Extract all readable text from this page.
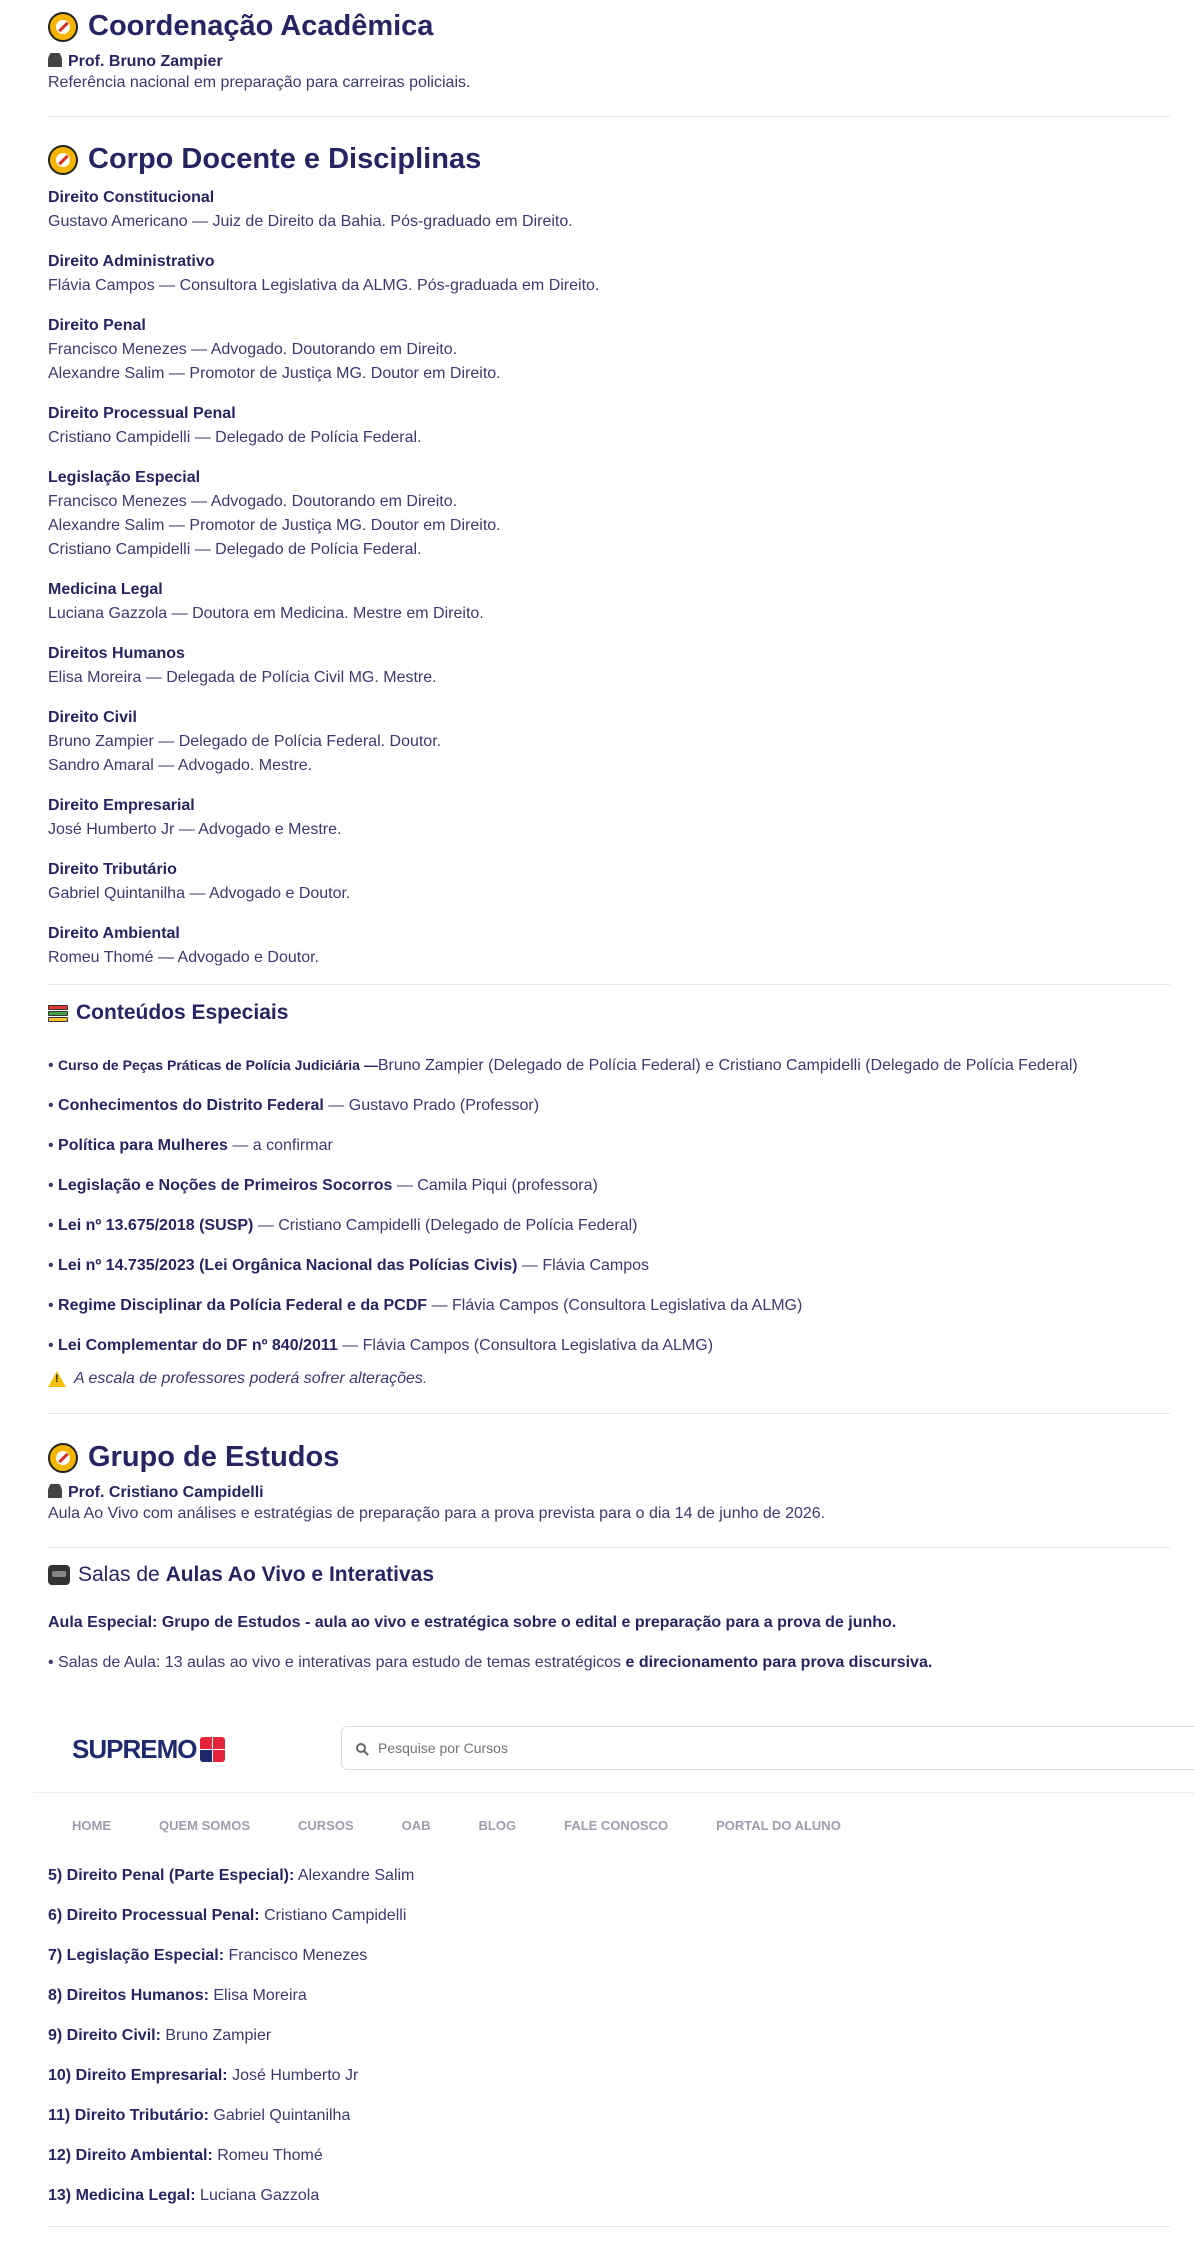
Coordenação Acadêmica
Prof. Bruno Zampier
Referência nacional em preparação para carreiras policiais.
Corpo Docente e Disciplinas
Direito Constitucional
Gustavo Americano — Juiz de Direito da Bahia. Pós-graduado em Direito.
Direito Administrativo
Flávia Campos — Consultora Legislativa da ALMG. Pós-graduada em Direito.
Direito Penal
Francisco Menezes — Advogado. Doutorando em Direito.
Alexandre Salim — Promotor de Justiça MG. Doutor em Direito.
Direito Processual Penal
Cristiano Campidelli — Delegado de Polícia Federal.
Legislação Especial
Francisco Menezes — Advogado. Doutorando em Direito.
Alexandre Salim — Promotor de Justiça MG. Doutor em Direito.
Cristiano Campidelli — Delegado de Polícia Federal.
Medicina Legal
Luciana Gazzola — Doutora em Medicina. Mestre em Direito.
Direitos Humanos
Elisa Moreira — Delegada de Polícia Civil MG. Mestre.
Direito Civil
Bruno Zampier — Delegado de Polícia Federal. Doutor.
Sandro Amaral — Advogado. Mestre.
Direito Empresarial
José Humberto Jr — Advogado e Mestre.
Direito Tributário
Gabriel Quintanilha — Advogado e Doutor.
Direito Ambiental
Romeu Thomé — Advogado e Doutor.
Conteúdos Especiais
• Curso de Peças Práticas de Polícia Judiciária —Bruno Zampier (Delegado de Polícia Federal) e Cristiano Campidelli (Delegado de Polícia Federal)
• Conhecimentos do Distrito Federal — Gustavo Prado (Professor)
• Política para Mulheres — a confirmar
• Legislação e Noções de Primeiros Socorros — Camila Piqui (professora)
• Lei nº 13.675/2018 (SUSP) — Cristiano Campidelli (Delegado de Polícia Federal)
• Lei nº 14.735/2023 (Lei Orgânica Nacional das Polícias Civis) — Flávia Campos
• Regime Disciplinar da Polícia Federal e da PCDF — Flávia Campos (Consultora Legislativa da ALMG)
• Lei Complementar do DF nº 840/2011 — Flávia Campos (Consultora Legislativa da ALMG)
!
A escala de professores poderá sofrer alterações.
Grupo de Estudos
Prof. Cristiano Campidelli
Aula Ao Vivo com análises e estratégias de preparação para a prova prevista para o dia 14 de junho de 2026.
Salas de Aulas Ao Vivo e Interativas
Aula Especial: Grupo de Estudos - aula ao vivo e estratégica sobre o edital e preparação para a prova de junho.
• Salas de Aula: 13 aulas ao vivo e interativas para estudo de temas estratégicos e direcionamento para prova discursiva.
SUPREMO
Pesquise por Cursos
HOME	QUEM SOMOS	CURSOS	OAB	BLOG	FALE CONOSCO	PORTAL DO ALUNO
5) Direito Penal (Parte Especial): Alexandre Salim
6) Direito Processual Penal: Cristiano Campidelli
7) Legislação Especial: Francisco Menezes
8) Direitos Humanos: Elisa Moreira
9) Direito Civil: Bruno Zampier
10) Direito Empresarial: José Humberto Jr
11) Direito Tributário: Gabriel Quintanilha
12) Direito Ambiental: Romeu Thomé
13) Medicina Legal: Luciana Gazzola
